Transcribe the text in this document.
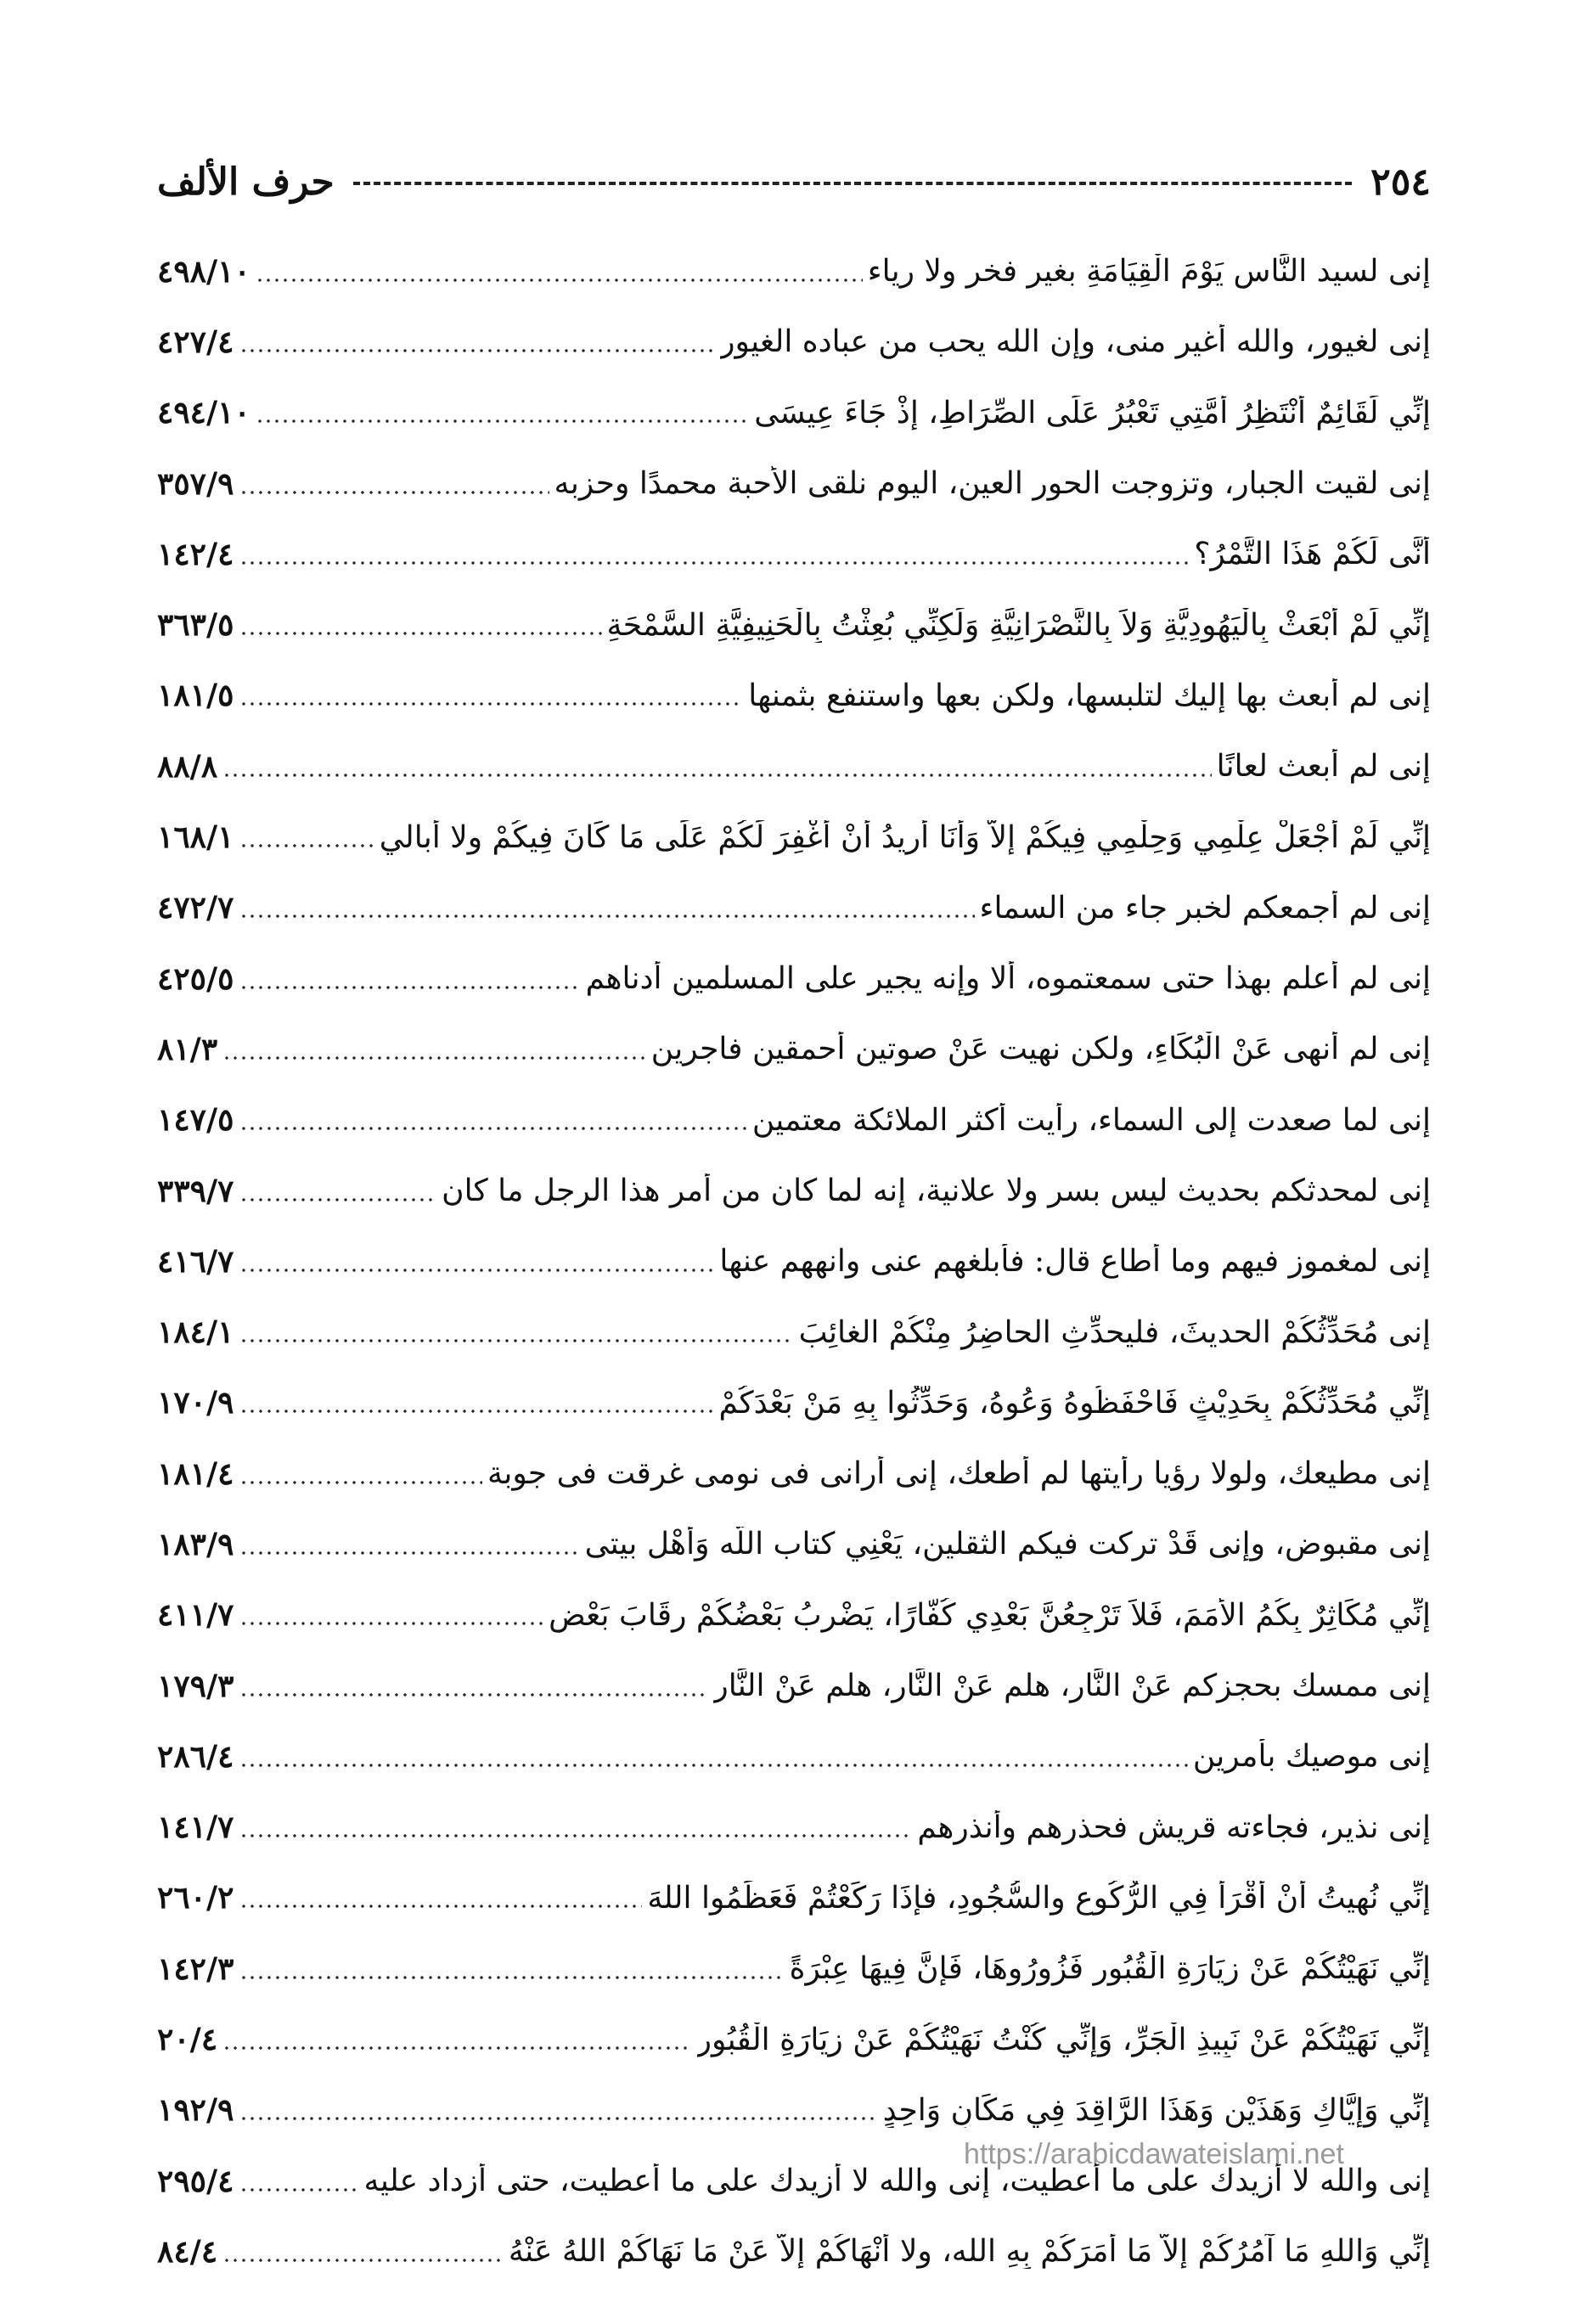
٢٥٤
حرف الألف
إنى لسيد النَّاس يَوْمَ الْقِيَامَةِ بغير فخر ولا رياء
٤٩٨/١٠
إنى لغيور، والله أغير منى، وإن الله يحب من عباده الغيور
٤٢٧/٤
إِنِّي لَقَائِمٌ أَنْتَظِرُ أُمَّتِي تَعْبُرُ عَلَى الصِّرَاطِ، إِذْ جَاءَ عِيسَى
٤٩٤/١٠
إنى لقيت الجبار، وتزوجت الحور العين، اليوم نلقى الأحبة محمدًا وحزبه
٣٥٧/٩
أَنَّى لَكُمْ هَذَا التَّمْرُ؟
١٤٢/٤
إِنِّي لَمْ أُبْعَثْ بِالْيَهُودِيَّةِ وَلاَ بِالنَّصْرَانِيَّةِ وَلَكِنِّي بُعِثْتُ بِالْحَنِيفِيَّةِ السَّمْحَةِ
٣٦٣/٥
إنى لم أبعث بها إليك لتلبسها، ولكن بعها واستنفع بثمنها
١٨١/٥
إنى لم أبعث لعانًا
٨٨/٨
إِنِّي لَمْ أَجْعَلْ عِلْمِي وَحِلْمِي فِيكُمْ إِلاَّ وَأَنَا أُرِيدُ أَنْ أَغْفِرَ لَكُمْ عَلَى مَا كَانَ فِيكُمْ ولا أبالي
١٦٨/١
إنى لم أجمعكم لخبر جاء من السماء
٤٧٢/٧
إنى لم أعلم بهذا حتى سمعتموه، ألا وإنه يجير على المسلمين أدناهم
٤٢٥/٥
إنى لم أنهى عَنْ الْبُكَاءِ، ولكن نهيت عَنْ صوتين أحمقين فاجرين
٨١/٣
إنى لما صعدت إلى السماء، رأيت أكثر الملائكة معتمين
١٤٧/٥
إنى لمحدثكم بحديث ليس بسر ولا علانية، إنه لما كان من أمر هذا الرجل ما كان
٣٣٩/٧
إنى لمغموز فيهم وما أطاع قال: فأبلغهم عنى وانههم عنها
٤١٦/٧
إنى مُحَدِّثُكُمْ الحديثَ، فليحدِّثِ الحاضِرُ مِنْكُمْ الغائِبَ
١٨٤/١
إِنِّي مُحَدِّثُكُمْ بِحَدِيْثٍ فَاحْفَظُوهُ وَعُوهُ، وَحَدِّثُوا بِهِ مَنْ بَعْدَكُمْ
١٧٠/٩
إنى مطيعك، ولولا رؤيا رأيتها لم أطعك، إنى أرانى فى نومى غرقت فى جوبة
١٨١/٤
إنى مقبوض، وإنى قَدْ تركت فيكم الثقلين، يَعْنِي كتاب اللَّه وَأَهْلِ بيتى
١٨٣/٩
إِنِّي مُكَاثِرٌ بِكُمُ الأُمَمَ، فَلاَ تَرْجِعُنَّ بَعْدِي كُفَّارًا، يَضْرِبُ بَعْضُكُمْ رِقَابَ بَعْضٍ
٤١١/٧
إنى ممسك بحجزكم عَنْ النَّار، هلم عَنْ النَّار، هلم عَنْ النَّار
١٧٩/٣
إنى موصيك بأمرين
٢٨٦/٤
إنى نذير، فجاءته قريش فحذرهم وأنذرهم
١٤١/٧
إِنِّي نُهِيتُ أَنْ أَقْرَأَ فِي الرُّكُوعِ والسُّجُودِ، فإِذَا رَكَعْتُمْ فَعَظِّمُوا اللهَ
٢٦٠/٢
إِنِّي نَهَيْتُكُمْ عَنْ زِيَارَةِ الْقُبُورِ فَزُورُوهَا، فَإِنَّ فِيهَا عِبْرَةً
١٤٢/٣
إِنِّي نَهَيْتُكُمْ عَنْ نَبِيذِ الْجَرِّ، وَإِنِّي كُنْتُ نَهَيْتُكُمْ عَنْ زِيَارَةِ الْقُبُورِ
٢٠/٤
إِنِّي وَإِيَّاكِ وَهَذَيْنِ وَهَذَا الرَّاقِدَ فِي مَكَانٍ وَاحِدٍ
١٩٢/٩
إنى والله لا أزيدك على ما أعطيت، إنى والله لا أزيدك على ما أعطيت، حتى أزداد عليه
٢٩٥/٤
إِنِّي وَاللهِ مَا آمُرُكُمْ إِلاَّ مَا أَمَرَكُمْ بِهِ الله، ولا أَنْهَاكُمْ إِلاَّ عَنْ مَا نَهَاكُمْ اللهُ عَنْهُ
٨٤/٤
https://arabicdawateislami.net
